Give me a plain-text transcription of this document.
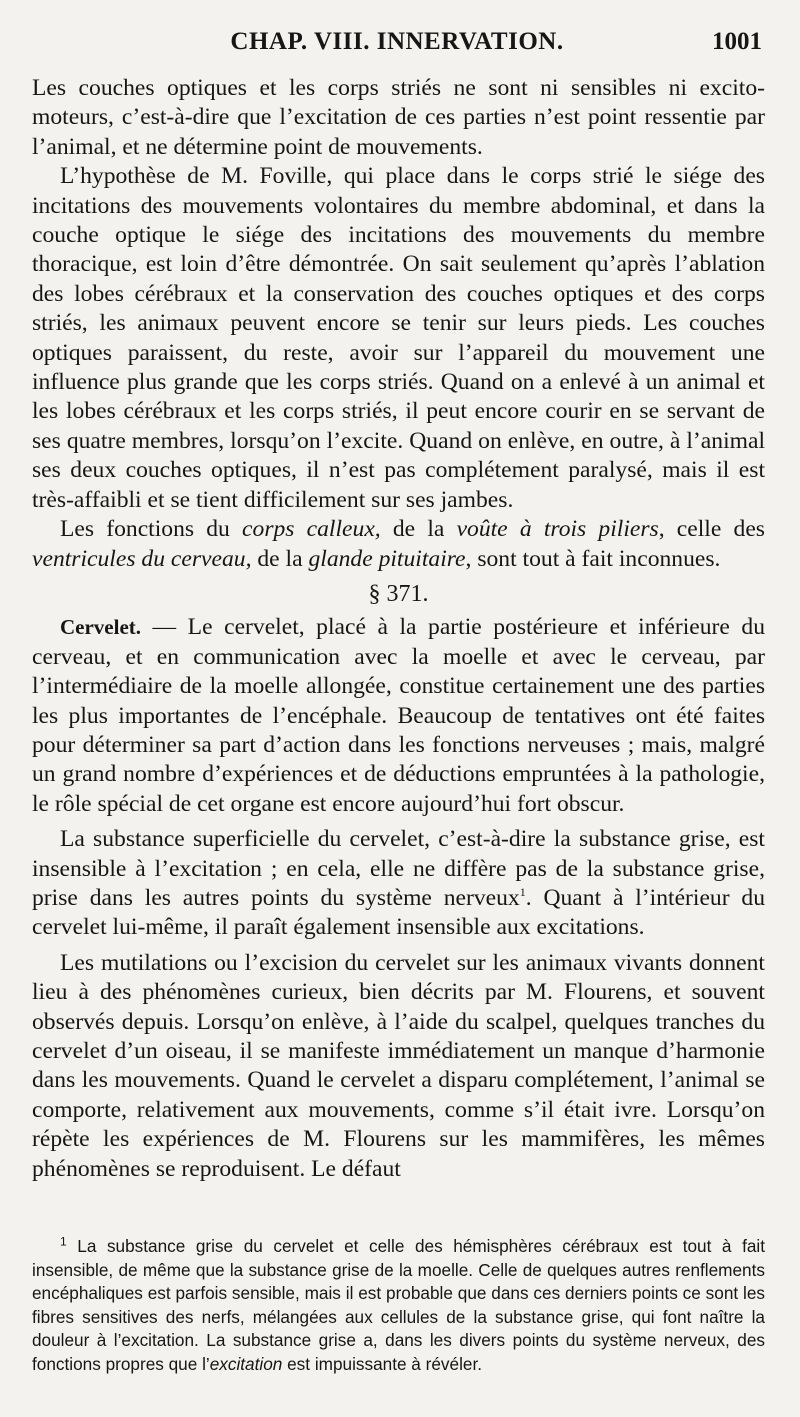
CHAP. VIII. INNERVATION.	1001

Les couches optiques et les corps striés ne sont ni sensibles ni excito-moteurs, c’est-à-dire que l’excitation de ces parties n’est point ressentie par l’animal, et ne détermine point de mouvements.

L’hypothèse de M. Foville, qui place dans le corps strié le siége des incitations des mouvements volontaires du membre abdominal, et dans la couche optique le siége des incitations des mouvements du membre thoracique, est loin d’être démontrée. On sait seulement qu’après l’ablation des lobes cérébraux et la conservation des couches optiques et des corps striés, les animaux peuvent encore se tenir sur leurs pieds. Les couches optiques paraissent, du reste, avoir sur l’appareil du mouvement une influence plus grande que les corps striés. Quand on a enlevé à un animal et les lobes cérébraux et les corps striés, il peut encore courir en se servant de ses quatre membres, lorsqu’on l’excite. Quand on enlève, en outre, à l’animal ses deux couches optiques, il n’est pas complétement paralysé, mais il est très-affaibli et se tient difficilement sur ses jambes.

Les fonctions du corps calleux, de la voûte à trois piliers, celle des ventricules du cerveau, de la glande pituitaire, sont tout à fait inconnues.

§ 371.

Cervelet. — Le cervelet, placé à la partie postérieure et inférieure du cerveau, et en communication avec la moelle et avec le cerveau, par l’intermédiaire de la moelle allongée, constitue certainement une des parties les plus importantes de l’encéphale. Beaucoup de tentatives ont été faites pour déterminer sa part d’action dans les fonctions nerveuses ; mais, malgré un grand nombre d’expériences et de déductions empruntées à la pathologie, le rôle spécial de cet organe est encore aujourd’hui fort obscur.

La substance superficielle du cervelet, c’est-à-dire la substance grise, est insensible à l’excitation ; en cela, elle ne diffère pas de la substance grise, prise dans les autres points du système nerveux$^1$. Quant à l’intérieur du cervelet lui-même, il paraît également insensible aux excitations.

Les mutilations ou l’excision du cervelet sur les animaux vivants donnent lieu à des phénomènes curieux, bien décrits par M. Flourens, et souvent observés depuis. Lorsqu’on enlève, à l’aide du scalpel, quelques tranches du cervelet d’un oiseau, il se manifeste immédiatement un manque d’harmonie dans les mouvements. Quand le cervelet a disparu complétement, l’animal se comporte, relativement aux mouvements, comme s’il était ivre. Lorsqu’on répète les expériences de M. Flourens sur les mammifères, les mêmes phénomènes se reproduisent. Le défaut

$^1$ La substance grise du cervelet et celle des hémisphères cérébraux est tout à fait insensible, de même que la substance grise de la moelle. Celle de quelques autres renflements encéphaliques est parfois sensible, mais il est probable que dans ces derniers points ce sont les fibres sensitives des nerfs, mélangées aux cellules de la substance grise, qui font naître la douleur à l’excitation. La substance grise a, dans les divers points du système nerveux, des fonctions propres que l’excitation est impuissante à révéler.
